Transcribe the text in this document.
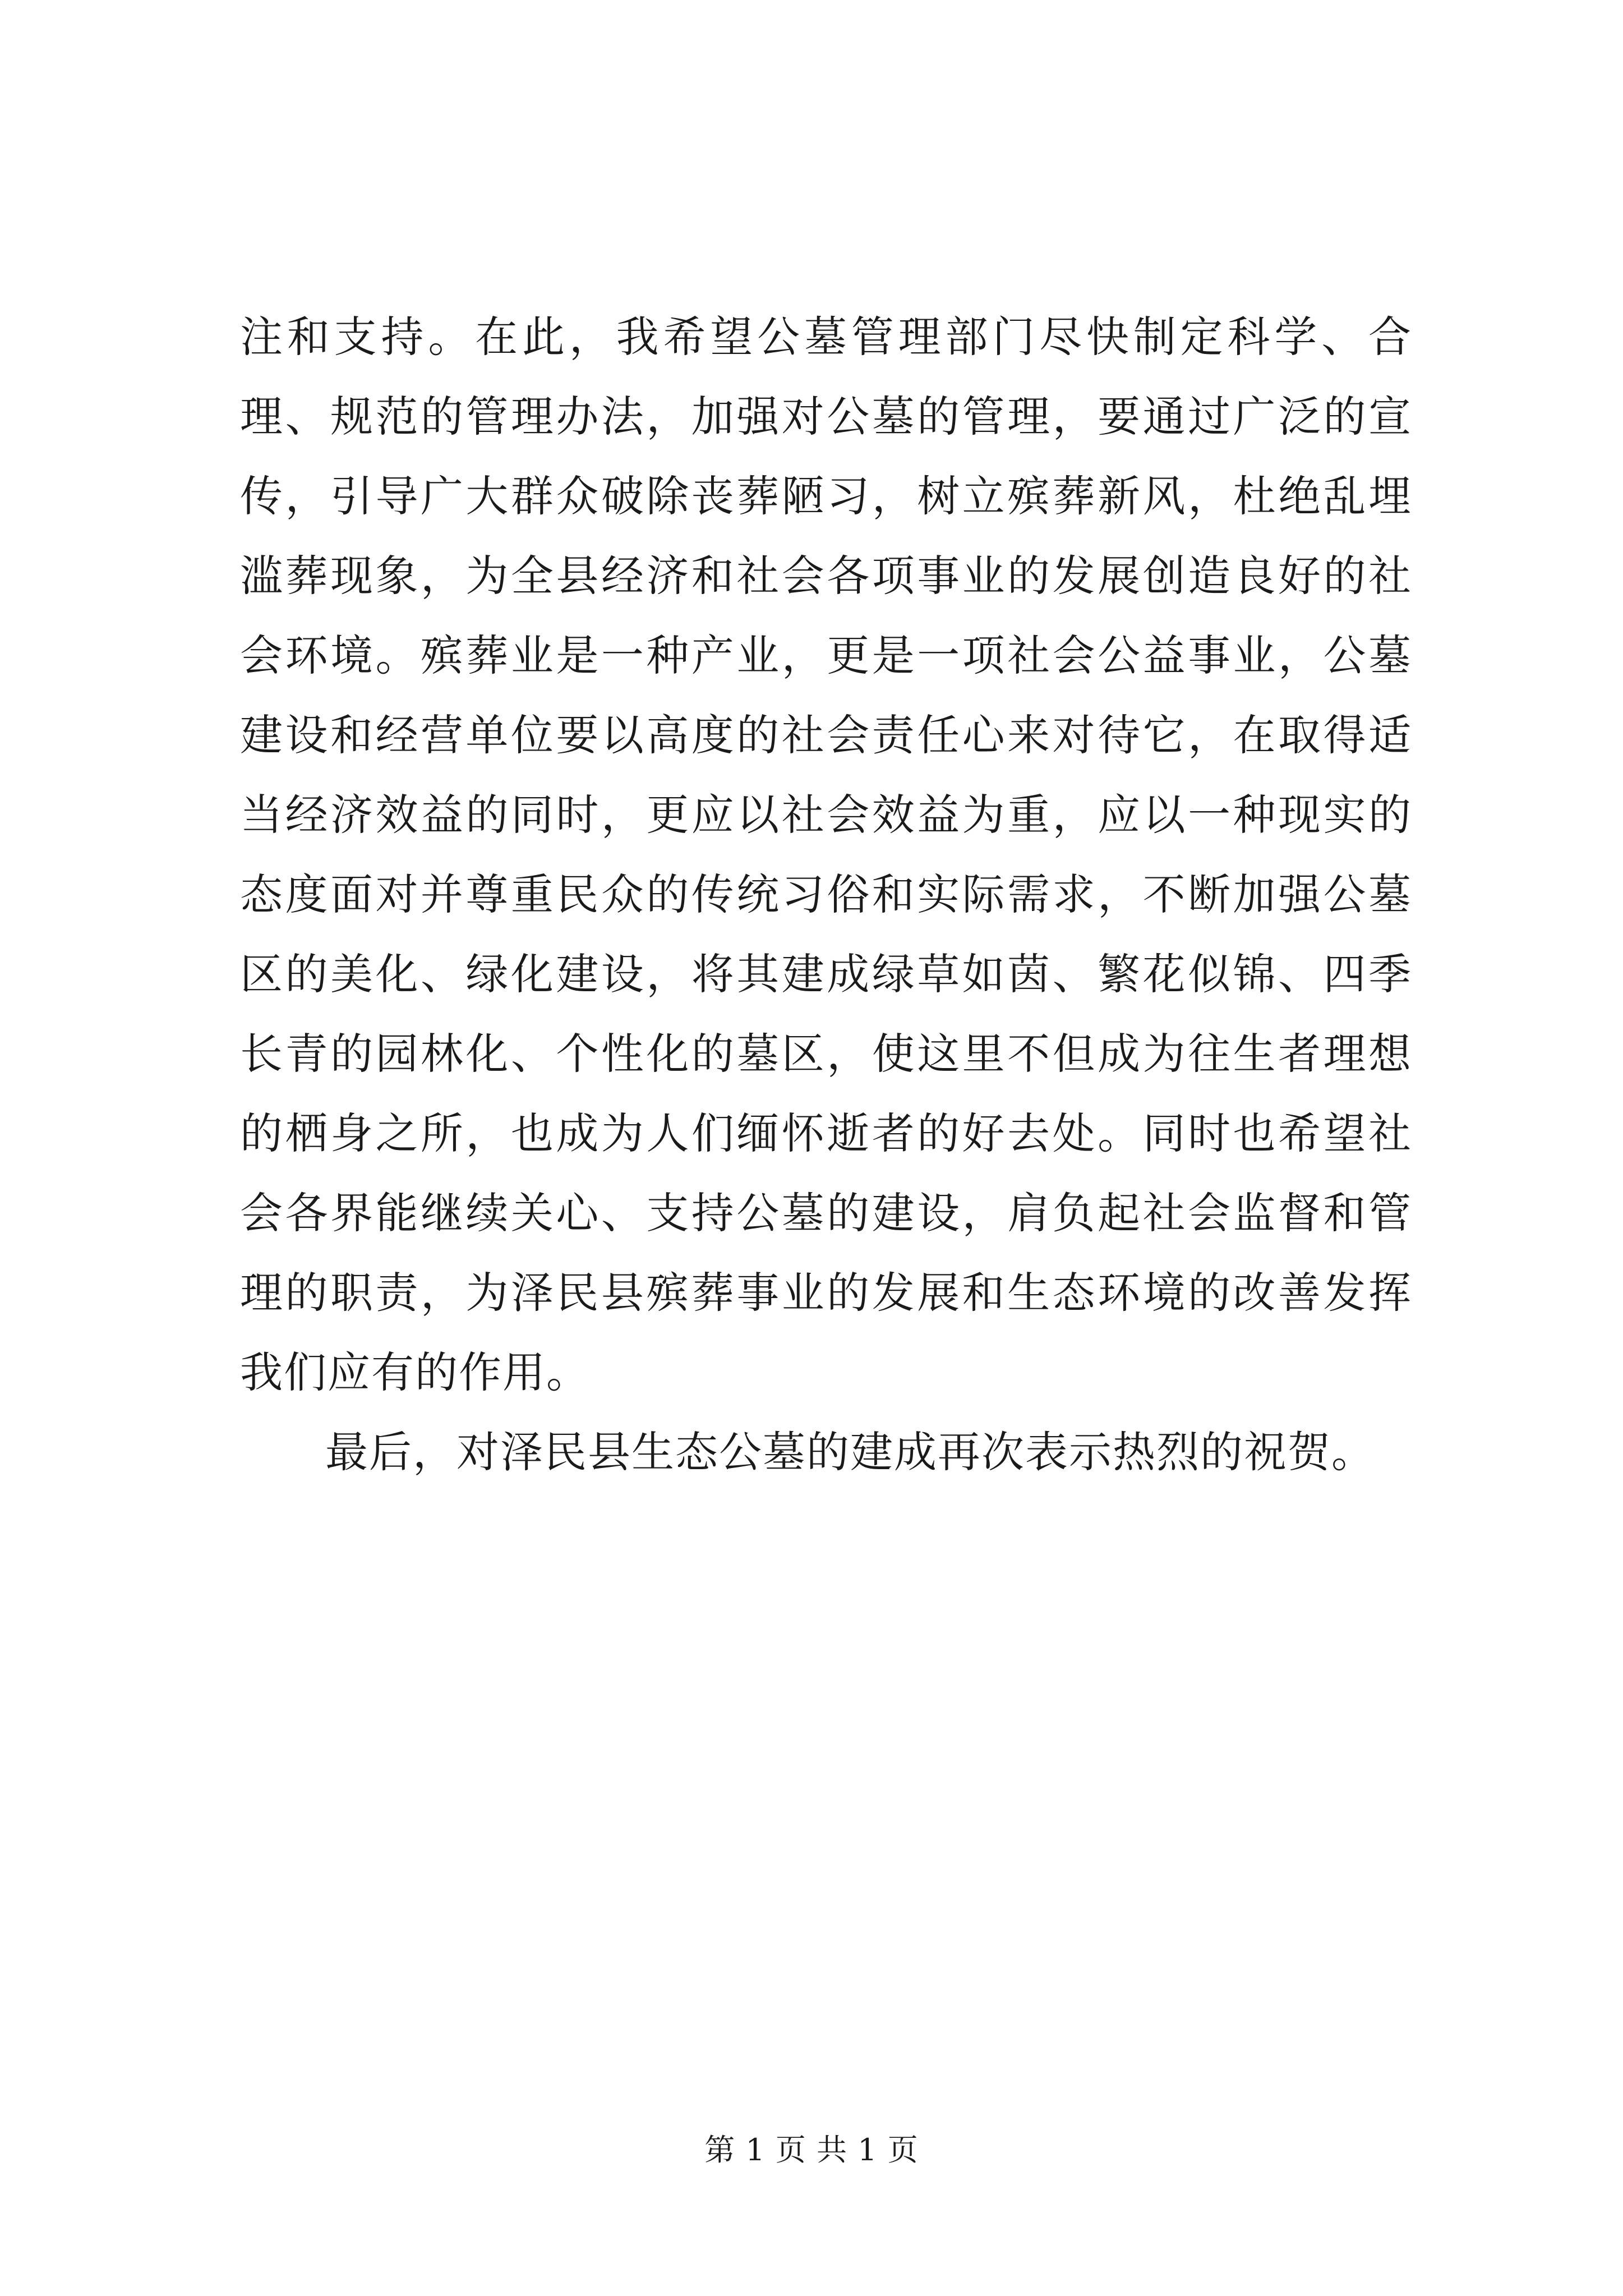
注和支持。在此，我希望公墓管理部门尽快制定科学、合理、规范的管理办法，加强对公墓的管理，要通过广泛的宣传，引导广大群众破除丧葬陋习，树立殡葬新风，杜绝乱埋滥葬现象，为全县经济和社会各项事业的发展创造良好的社会环境。殡葬业是一种产业，更是一项社会公益事业，公墓建设和经营单位要以高度的社会责任心来对待它，在取得适当经济效益的同时，更应以社会效益为重，应以一种现实的态度面对并尊重民众的传统习俗和实际需求，不断加强公墓区的美化、绿化建设，将其建成绿草如茵、繁花似锦、四季长青的园林化、个性化的墓区，使这里不但成为往生者理想的栖身之所，也成为人们缅怀逝者的好去处。同时也希望社会各界能继续关心、支持公墓的建设，肩负起社会监督和管理的职责，为泽民县殡葬事业的发展和生态环境的改善发挥我们应有的作用。

最后，对泽民县生态公墓的建成再次表示热烈的祝贺。

第 1 页 共 1 页
